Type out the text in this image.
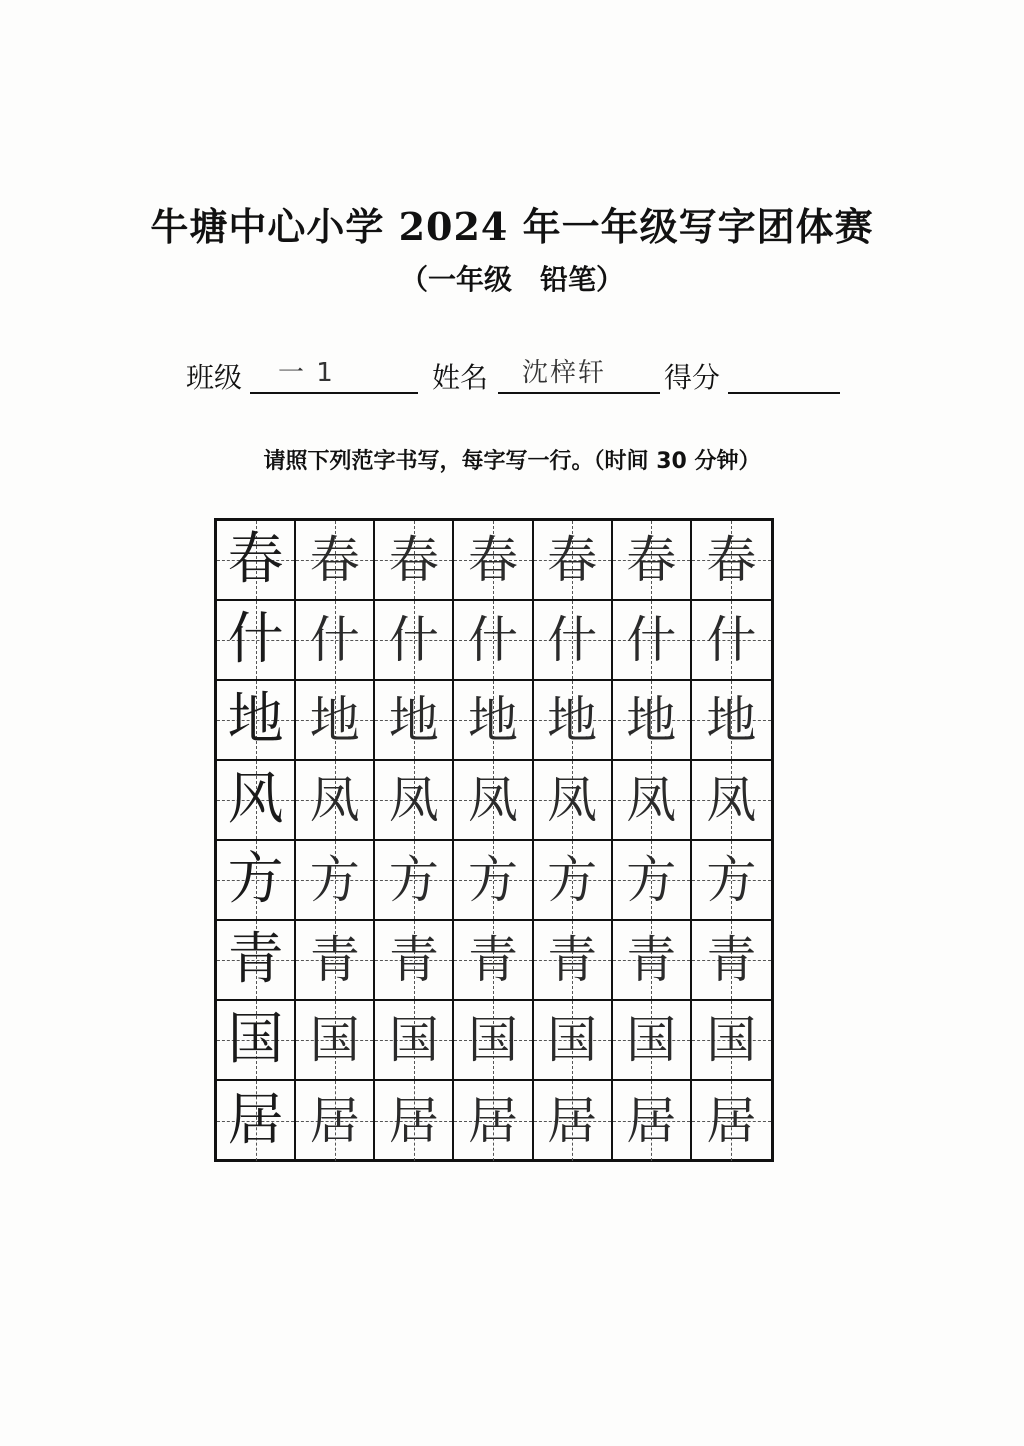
牛塘中心小学 2024 年一年级写字团体赛
（一年级　铅笔）
班级 一 1	姓名 沈梓轩 得分
请照下列范字书写，每字写一行。（时间 30 分钟）
春 春 春 春 春 春 春
什 什 什 什 什 什 什
地 地 地 地 地 地 地
风 凤 凤 凤 凤 凤 凤
方 方 方 方 方 方 方
青 青 青 青 青 青 青
国 国 国 国 国 国 国
居 居 居 居 居 居 居
